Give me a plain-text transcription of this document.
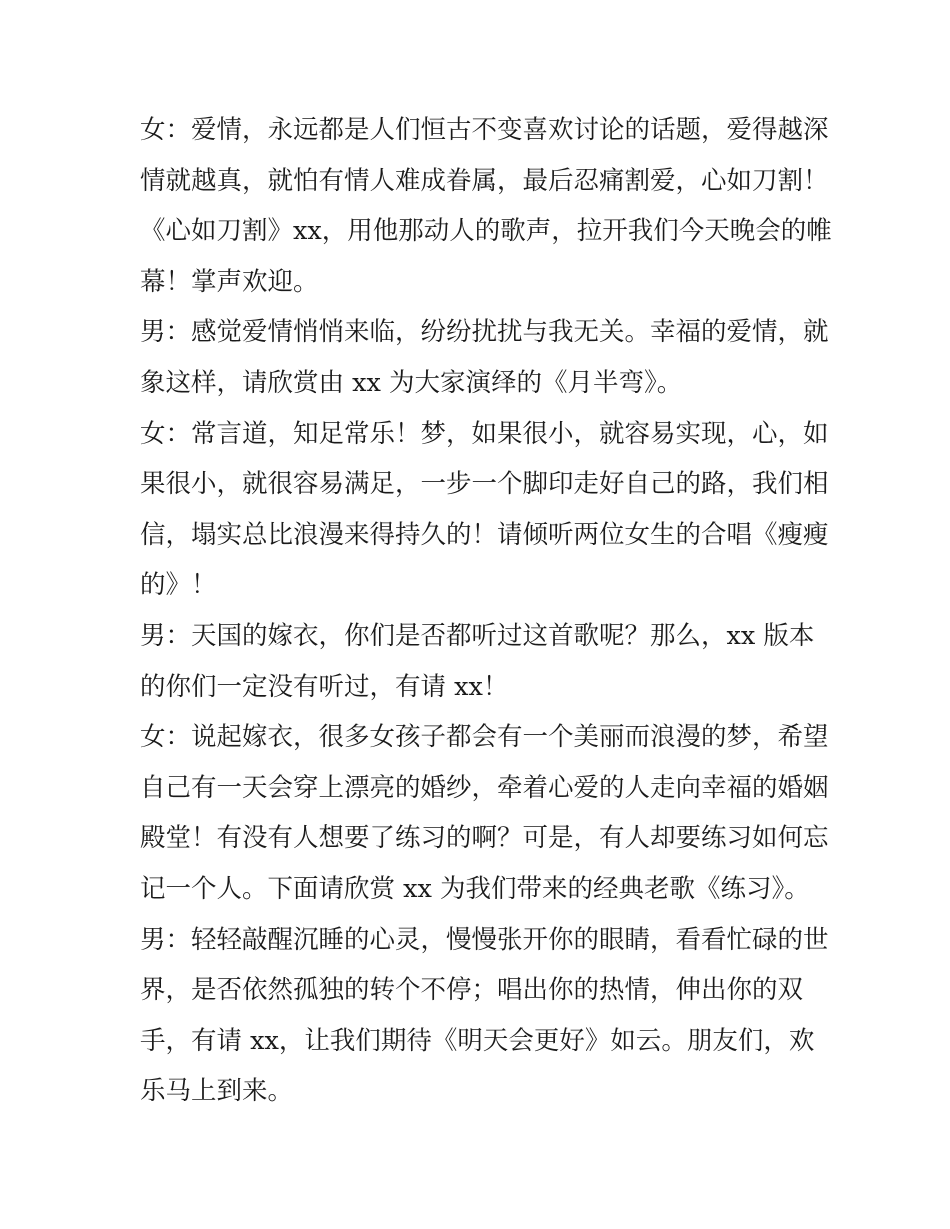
女：爱情，永远都是人们恒古不变喜欢讨论的话题，爱得越深
情就越真，就怕有情人难成眷属，最后忍痛割爱，心如刀割！
《心如刀割》xx，用他那动人的歌声，拉开我们今天晚会的帷
幕！掌声欢迎。
男：感觉爱情悄悄来临，纷纷扰扰与我无关。幸福的爱情，就
象这样，请欣赏由 xx 为大家演绎的《月半弯》。
女：常言道，知足常乐！梦，如果很小，就容易实现，心，如
果很小，就很容易满足，一步一个脚印走好自己的路，我们相
信，塌实总比浪漫来得持久的！请倾听两位女生的合唱《瘦瘦
的》！
男：天国的嫁衣，你们是否都听过这首歌呢？那么，xx 版本
的你们一定没有听过，有请 xx！
女：说起嫁衣，很多女孩子都会有一个美丽而浪漫的梦，希望
自己有一天会穿上漂亮的婚纱，牵着心爱的人走向幸福的婚姻
殿堂！有没有人想要了练习的啊？可是，有人却要练习如何忘
记一个人。下面请欣赏 xx 为我们带来的经典老歌《练习》。
男：轻轻敲醒沉睡的心灵，慢慢张开你的眼睛，看看忙碌的世
界，是否依然孤独的转个不停；唱出你的热情，伸出你的双
手，有请 xx，让我们期待《明天会更好》如云。朋友们，欢
乐马上到来。
